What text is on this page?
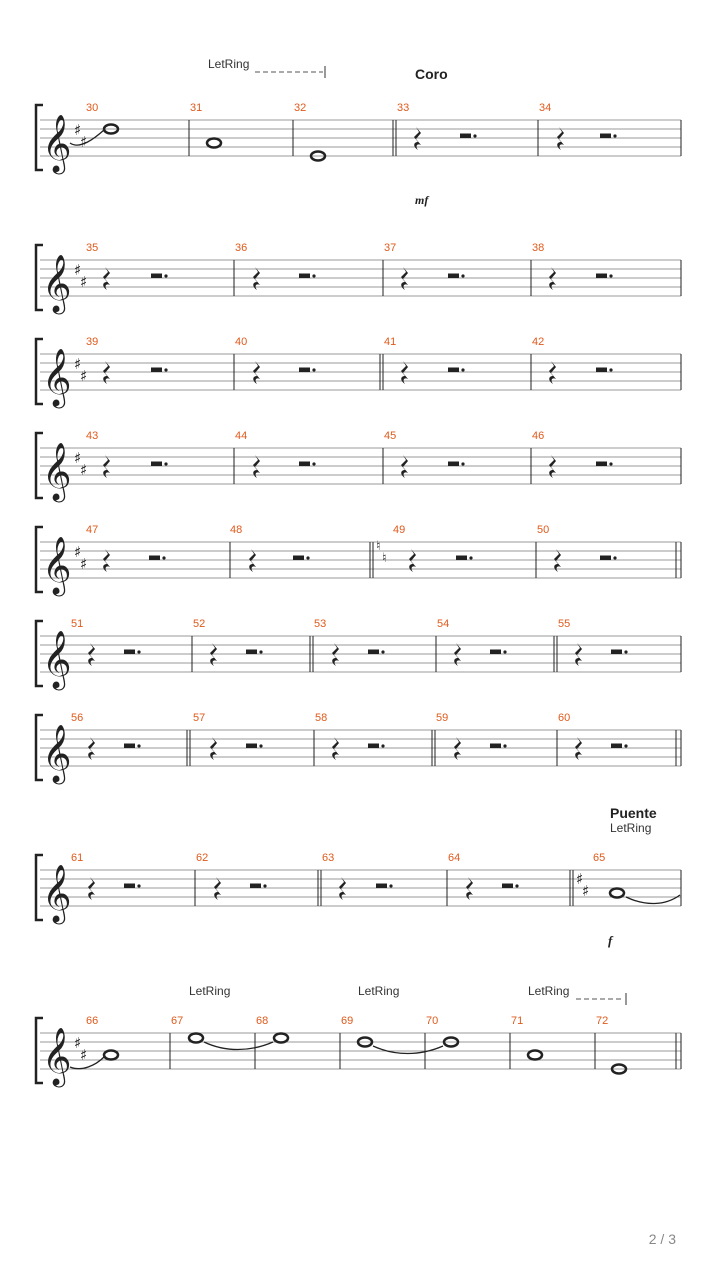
LetRing
Coro
𝄞 ♯
♯
30	31	32	33	34
mf
𝄞 ♯
♯
35	36	37	38
𝄞 ♯
♯
39	40	41	42
𝄞 ♯
♯
43	44	45	46
𝄞 ♯
♯
♮
♮
47	48	49	50
𝄞
51	52	53	54	55
𝄞
56	57	58	59	60
Puente
LetRing
𝄞	♯
♯
61	62	63	64	65
f
LetRing	LetRing	LetRing
𝄞 ♯
♯
66	67	68	69	70	71	72
2 / 3
